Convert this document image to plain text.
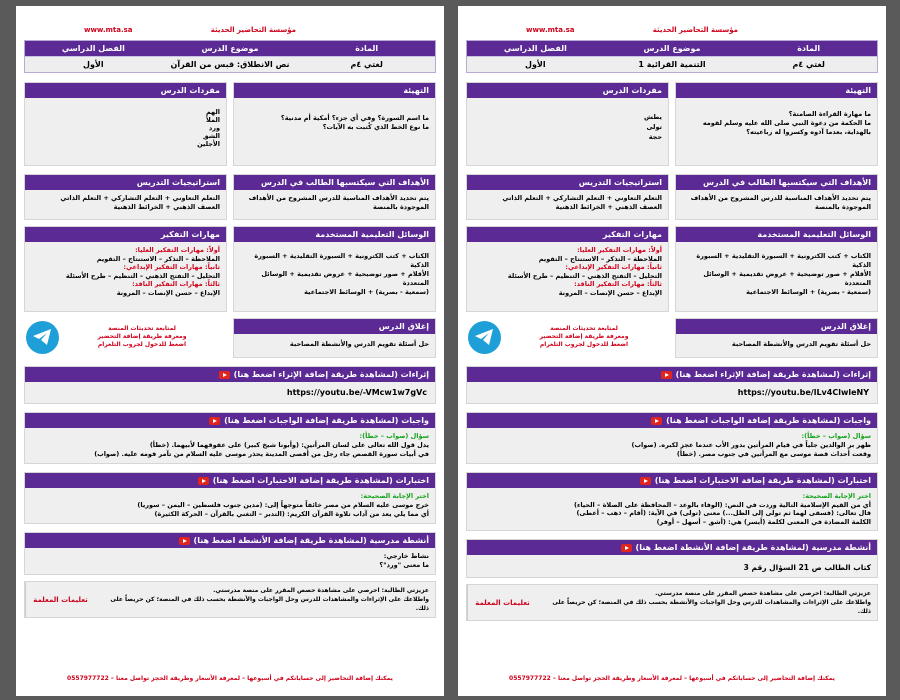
مؤسسة التحاضير الحديثة
www.mta.sa
المادة
موضوع الدرس
الفصل الدراسي
لغتي ٤م
نص الانطلاق: قبس من القرآن
الأول
التهيئة
ما اسم السورة؟ وفي أي جزء؟ أمكية أم مدنية؟
ما نوع الخط الذي كُتبت به الآيات؟
مفردات الدرس
الهم
الملأ
ورد
الشق
الأجلين
الأهداف التي سيكتسبها الطالب في الدرس
يتم تحديد الأهداف المناسبة للدرس المشروح من الأهداف الموجودة بالمنصة
استراتيجيات التدريس
التعلم التعاوني + التعلم التشاركي + التعلم الذاتي
العصف الذهني + الخرائط الذهنية
الوسائل التعليمية المستخدمة
الكتاب + كتب الكترونية + السبورة التقليدية + السبورة الذكية
الأقلام + صور توضيحية + عروض تقديمية + الوسائل المتعددة
(سمعية - بصرية) + الوسائط الاجتماعية
مهارات التفكير
أولاً: مهارات التفكير العليا:
الملاحظة – التذكر – الاستنتاج – التقويم
ثانياً: مهارات التفكير الإبداعي:
التحليل – التفتح الذهني – التنظيم – طرح الأسئلة
ثالثاً: مهارات التفكير الناقد:
الإبداع – حسن الإنصات – المرونة
إغلاق الدرس
حل أسئلة تقويم الدرس والأنشطة المصاحبة
لمتابعة تحديثات المنصة
ومعرفة طريقة إضافة التحضير
اضغط للدخول لجروب التلغرام
إثراءات (لمشاهدة طريقة إضافة الإثراء اضغط هنا)
https://youtu.be/-VMcw1w7gVc
واجبات (لمشاهدة طريقة إضافة الواجبات اضغط هنا)
سؤال (صواب – خطأ):
يدل قول الله تعالى على لسان المرأتين: (وأبونا شيخ كبير) على عقوقهما لأبيهما. (خطأ)
في أبيات سورة القصص جاء رجل من أقصى المدينة يحذر موسى عليه السلام من تآمر قومه عليه. (صواب)
اختبارات (لمشاهدة طريقة إضافة الاختبارات اضغط هنا)
اختر الإجابة الصحيحة:
خرج موسى عليه السلام من مصر خائفاً متوجهاً إلى: (مدين جنوب فلسطين – اليمن – سوريا)
أي مما يلي يعد من آداب تلاوة القرآن الكريم: (التدبر – التغني بالقرآن – الحركة الكثيرة)
أنشطة مدرسية (لمشاهدة طريقة إضافة الأنشطة اضغط هنا)
نشاط خارجي:
ما معنى "ورد"؟
عزيزتي الطالبة: احرصي على مشاهدة حصص المقرر على منصة مدرستي.
واطلاعك على الإثراءات والمشاهدات للدرس وحل الواجبات والأنشطة بحسب ذلك في المنصة؛ كن حريصاً على ذلك.
تعليمات المعلمة
يمكنك إضافة التحاضير إلى حساباتكم في أسبوعها – لمعرفة الأسعار وطريقة الحجز تواصل معنا – 0557977722
مؤسسة التحاضير الحديثة
www.mta.sa
المادة
موضوع الدرس
الفصل الدراسي
لغتي ٤م
التنمية القرائية 1
الأول
التهيئة
ما مهارة القراءة الصامتة؟
ما الحكمة من دعوة النبي صلى الله عليه وسلم لقومه بالهداية، بعدما آذوه وكسروا له رباعيته؟
مفردات الدرس
يطش
تولى
حجة
الأهداف التي سيكتسبها الطالب في الدرس
يتم تحديد الأهداف المناسبة للدرس المشروح من الأهداف الموجودة بالمنصة
استراتيجيات التدريس
التعلم التعاوني + التعلم التشاركي + التعلم الذاتي
العصف الذهني + الخرائط الذهنية
الوسائل التعليمية المستخدمة
الكتاب + كتب الكترونية + السبورة التقليدية + السبورة الذكية
الأقلام + صور توضيحية + عروض تقديمية + الوسائل المتعددة
(سمعية - بصرية) + الوسائط الاجتماعية
مهارات التفكير
أولاً: مهارات التفكير العليا:
الملاحظة – التذكر – الاستنتاج – التقويم
ثانياً: مهارات التفكير الإبداعي:
التحليل – التفتح الذهني – التنظيم – طرح الأسئلة
ثالثاً: مهارات التفكير الناقد:
الإبداع – حسن الإنصات – المرونة
إغلاق الدرس
حل أسئلة تقويم الدرس والأنشطة المصاحبة
لمتابعة تحديثات المنصة
ومعرفة طريقة إضافة التحضير
اضغط للدخول لجروب التلغرام
إثراءات (لمشاهدة طريقة إضافة الإثراء اضغط هنا)
https://youtu.be/lLv4ClwleNY
واجبات (لمشاهدة طريقة إضافة الواجبات اضغط هنا)
سؤال (صواب – خطأ):
ظهر بر الوالدين جلياً في قيام المرأتين بدور الأب عندما عجز لكبره. (صواب)
وقعت أحداث قصة موسى مع المرأتين في جنوب مصر. (خطأ)
اختبارات (لمشاهدة طريقة إضافة الاختبارات اضغط هنا)
اختر الإجابة الصحيحة:
أي من القيم الإسلامية التالية وردت في النص: (الوفاء بالوعد – المحافظة على الصلاة – الحياء)
قال تعالى: (فسقى لهما ثم تولى إلى الظل...) معنى (تولى) في الآية: (أقام – ذهب – أعطى)
الكلمة المضادة في المعنى لكلمة (أيسر) هي: (أشق – أسهل – أوفر)
أنشطة مدرسية (لمشاهدة طريقة إضافة الأنشطة اضغط هنا)
كتاب الطالب ص 21 السؤال رقم 3
عزيزتي الطالبة: احرصي على مشاهدة حصص المقرر على منصة مدرستي.
واطلاعك على الإثراءات والمشاهدات للدرس وحل الواجبات والأنشطة بحسب ذلك في المنصة؛ كن حريصاً على ذلك.
تعليمات المعلمة
يمكنك إضافة التحاضير إلى حساباتكم في أسبوعها – لمعرفة الأسعار وطريقة الحجز تواصل معنا – 0557977722
